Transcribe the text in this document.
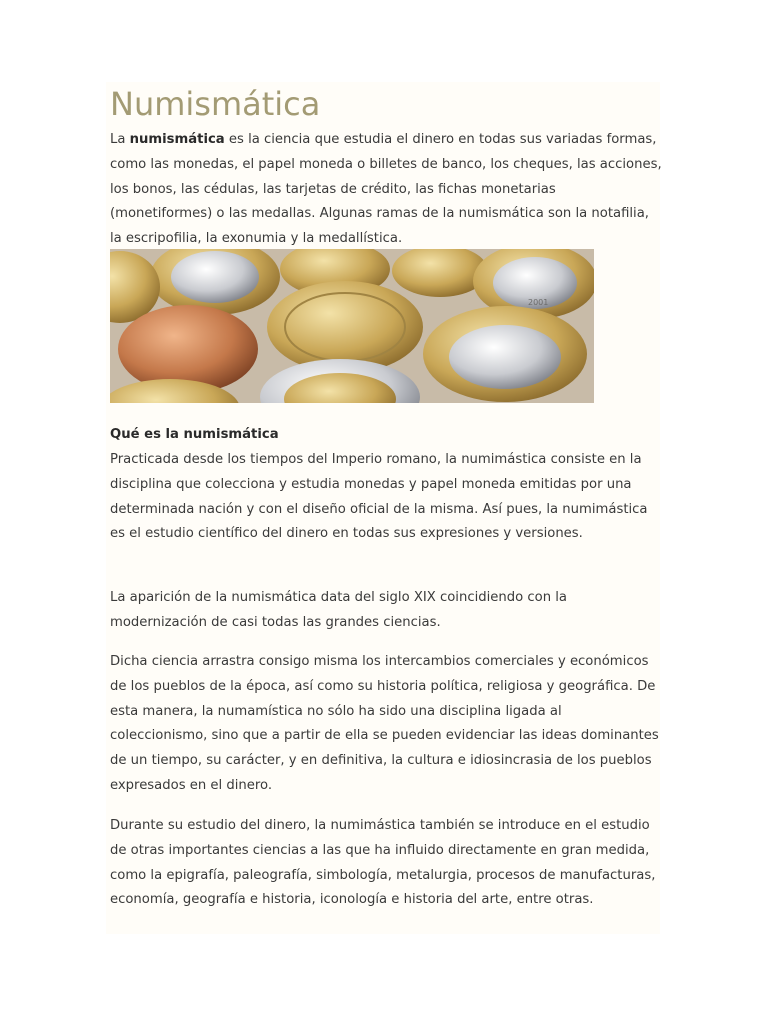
Numismática

La numismática es la ciencia que estudia el dinero en todas sus variadas formas, como las monedas, el papel moneda o billetes de banco, los cheques, las acciones, los bonos, las cédulas, las tarjetas de crédito, las fichas monetarias (monetiformes) o las medallas. Algunas ramas de la numismática son la notafilia, la escripofilia, la exonumia y la medallística.

2001
Qué es la numismática

Practicada desde los tiempos del Imperio romano, la numimástica consiste en la disciplina que colecciona y estudia monedas y papel moneda emitidas por una determinada nación y con el diseño oficial de la misma. Así pues, la numimástica es el estudio científico del dinero en todas sus expresiones y versiones.

La aparición de la numismática data del siglo XIX coincidiendo con la modernización de casi todas las grandes ciencias.

Dicha ciencia arrastra consigo misma los intercambios comerciales y económicos de los pueblos de la época, así como su historia política, religiosa y geográfica. De esta manera, la numamística no sólo ha sido una disciplina ligada al coleccionismo, sino que a partir de ella se pueden evidenciar las ideas dominantes de un tiempo, su carácter, y en definitiva, la cultura e idiosincrasia de los pueblos expresados en el dinero.

Durante su estudio del dinero, la numimástica también se introduce en el estudio de otras importantes ciencias a las que ha influido directamente en gran medida, como la epigrafía, paleografía, simbología, metalurgia, procesos de manufacturas, economía, geografía e historia, iconología e historia del arte, entre otras.
